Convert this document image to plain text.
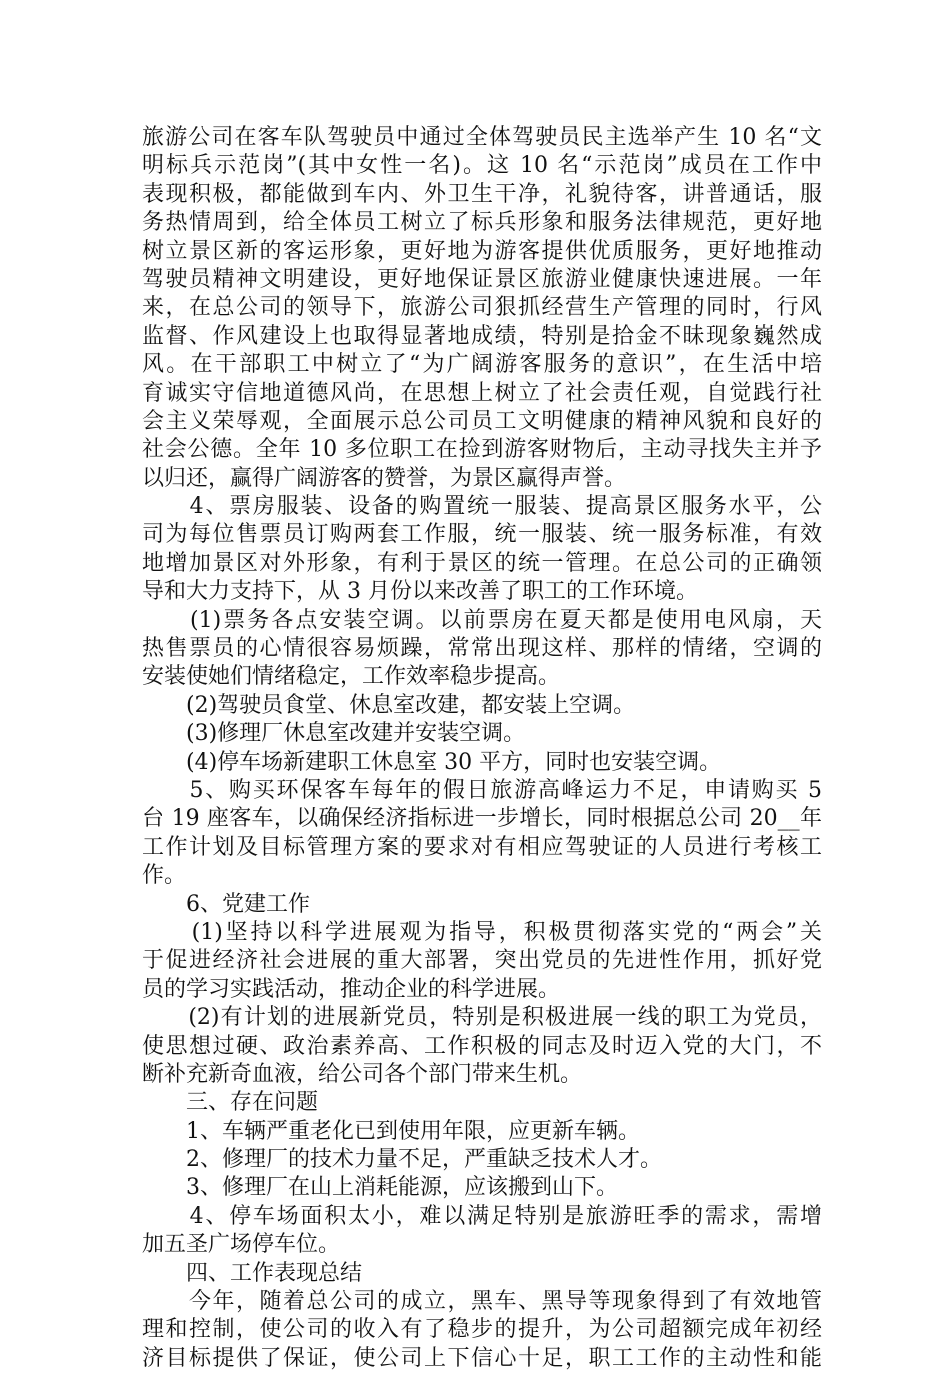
旅游公司在客车队驾驶员中通过全体驾驶员民主选举产生 10 名“文
明标兵示范岗”(其中女性一名)。这 10 名“示范岗”成员在工作中
表现积极，都能做到车内、外卫生干净，礼貌待客，讲普通话，服
务热情周到，给全体员工树立了标兵形象和服务法律规范，更好地
树立景区新的客运形象，更好地为游客提供优质服务，更好地推动
驾驶员精神文明建设，更好地保证景区旅游业健康快速进展。一年
来，在总公司的领导下，旅游公司狠抓经营生产管理的同时，行风
监督、作风建设上也取得显著地成绩，特别是拾金不昧现象巍然成
风。在干部职工中树立了“为广阔游客服务的意识”，在生活中培
育诚实守信地道德风尚，在思想上树立了社会责任观，自觉践行社
会主义荣辱观，全面展示总公司员工文明健康的精神风貌和良好的
社会公德。全年 10 多位职工在捡到游客财物后，主动寻找失主并予
以归还，赢得广阔游客的赞誉，为景区赢得声誉。
　　4、票房服装、设备的购置统一服装、提高景区服务水平，公
司为每位售票员订购两套工作服，统一服装、统一服务标准，有效
地增加景区对外形象，有利于景区的统一管理。在总公司的正确领
导和大力支持下，从 3 月份以来改善了职工的工作环境。
　　(1)票务各点安装空调。以前票房在夏天都是使用电风扇，天
热售票员的心情很容易烦躁，常常出现这样、那样的情绪，空调的
安装使她们情绪稳定，工作效率稳步提高。
　　(2)驾驶员食堂、休息室改建，都安装上空调。
　　(3)修理厂休息室改建并安装空调。
　　(4)停车场新建职工休息室 30 平方，同时也安装空调。
　　5、购买环保客车每年的假日旅游高峰运力不足，申请购买 5
台 19 座客车，以确保经济指标进一步增长，同时根据总公司 20__年
工作计划及目标管理方案的要求对有相应驾驶证的人员进行考核工
作。
　　6、党建工作
　　(1)坚持以科学进展观为指导，积极贯彻落实党的“两会”关
于促进经济社会进展的重大部署，突出党员的先进性作用，抓好党
员的学习实践活动，推动企业的科学进展。
　　(2)有计划的进展新党员，特别是积极进展一线的职工为党员，
使思想过硬、政治素养高、工作积极的同志及时迈入党的大门，不
断补充新奇血液，给公司各个部门带来生机。
　　三、存在问题
　　1、车辆严重老化已到使用年限，应更新车辆。
　　2、修理厂的技术力量不足，严重缺乏技术人才。
　　3、修理厂在山上消耗能源，应该搬到山下。
　　4、停车场面积太小，难以满足特别是旅游旺季的需求，需增
加五圣广场停车位。
　　四、工作表现总结
　　今年，随着总公司的成立，黑车、黑导等现象得到了有效地管
理和控制，使公司的收入有了稳步的提升，为公司超额完成年初经
济目标提供了保证，使公司上下信心十足，职工工作的主动性和能
